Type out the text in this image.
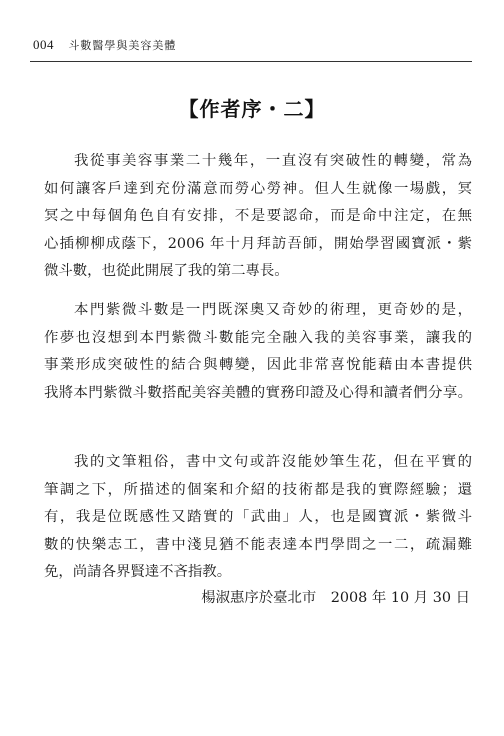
004 斗數醫學與美容美體
【作者序・二】
我從事美容事業二十幾年，一直沒有突破性的轉變，常為
如何讓客戶達到充份滿意而勞心勞神。但人生就像一場戲，冥
冥之中每個角色自有安排，不是要認命，而是命中注定，在無
心插柳柳成蔭下，2006 年十月拜訪吾師，開始學習國寶派・紫
微斗數，也從此開展了我的第二專長。
本門紫微斗數是一門既深奧又奇妙的術理，更奇妙的是，
作夢也沒想到本門紫微斗數能完全融入我的美容事業，讓我的
事業形成突破性的結合與轉變，因此非常喜悅能藉由本書提供
我將本門紫微斗數搭配美容美體的實務印證及心得和讀者們分享。
我的文筆粗俗，書中文句或許沒能妙筆生花，但在平實的
筆調之下，所描述的個案和介紹的技術都是我的實際經驗；還
有，我是位既感性又踏實的「武曲」人，也是國寶派・紫微斗
數的快樂志工，書中淺見猶不能表達本門學問之一二，疏漏難
免，尚請各界賢達不吝指教。
楊淑惠序於臺北市　2008 年 10 月 30 日
